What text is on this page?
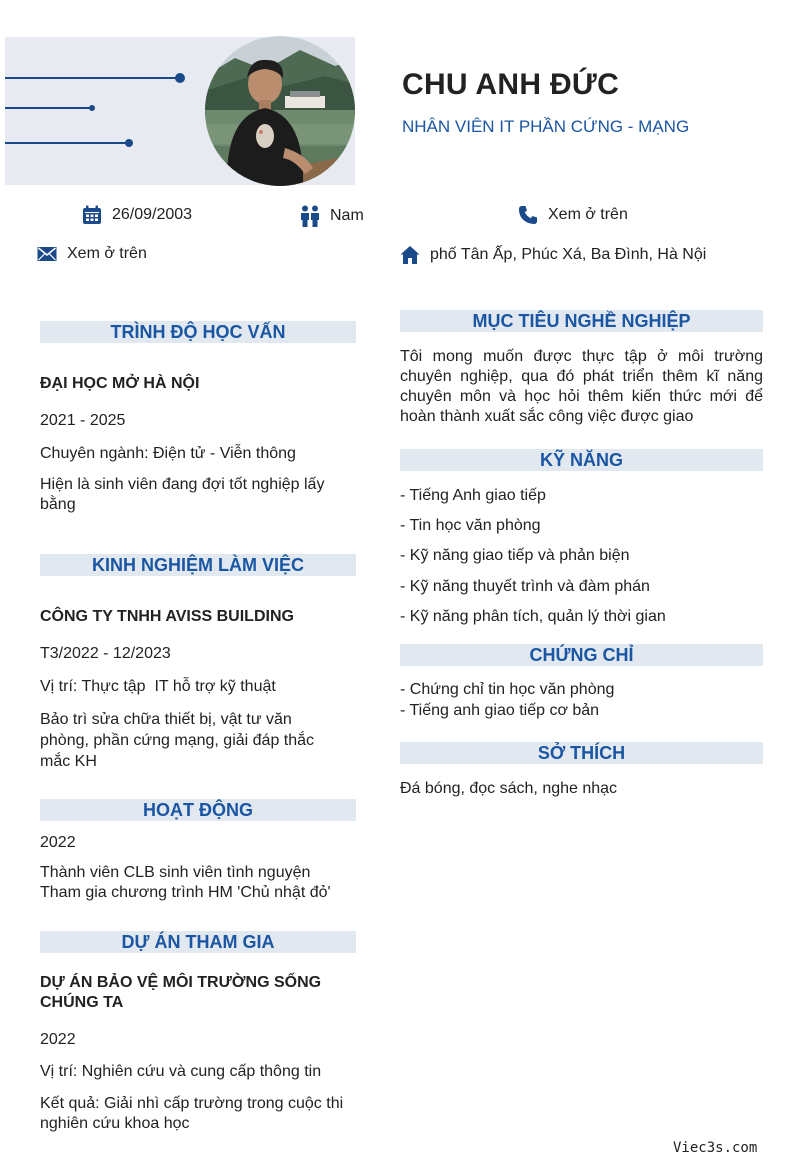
CHU ANH ĐỨC
NHÂN VIÊN IT PHẦN CỨNG - MẠNG
26/09/2003	Nam	Xem ở trên
Xem ở trên	phố Tân Ấp, Phúc Xá, Ba Đình, Hà Nội
TRÌNH ĐỘ HỌC VẤN
ĐẠI HỌC MỞ HÀ NỘI
2021 - 2025
Chuyên ngành: Điện tử - Viễn thông
Hiện là sinh viên đang đợi tốt nghiệp lấy bằng
KINH NGHIỆM LÀM VIỆC
CÔNG TY TNHH AVISS BUILDING
T3/2022 - 12/2023
Vị trí: Thực tập  IT hỗ trợ kỹ thuật
Bảo trì sửa chữa thiết bị, vật tư văn phòng, phần cứng mạng, giải đáp thắc mắc KH
HOẠT ĐỘNG
2022
Thành viên CLB sinh viên tình nguyện
Tham gia chương trình HM 'Chủ nhật đỏ'
DỰ ÁN THAM GIA
DỰ ÁN BẢO VỆ MÔI TRƯỜNG SỐNG CHÚNG TA
2022
Vị trí: Nghiên cứu và cung cấp thông tin
Kết quả: Giải nhì cấp trường trong cuộc thi nghiên cứu khoa học
MỤC TIÊU NGHỀ NGHIỆP
Tôi mong muốn được thực tập ở môi trường chuyên nghiệp, qua đó phát triển thêm kĩ năng chuyên môn và học hỏi thêm kiến thức mới để hoàn thành xuất sắc công việc được giao
KỸ NĂNG
- Tiếng Anh giao tiếp
- Tin học văn phòng
- Kỹ năng giao tiếp và phản biện
- Kỹ năng thuyết trình và đàm phán
- Kỹ năng phân tích, quản lý thời gian
CHỨNG CHỈ
- Chứng chỉ tin học văn phòng
- Tiếng anh giao tiếp cơ bản
SỞ THÍCH
Đá bóng, đọc sách, nghe nhạc
Viec3s.com
